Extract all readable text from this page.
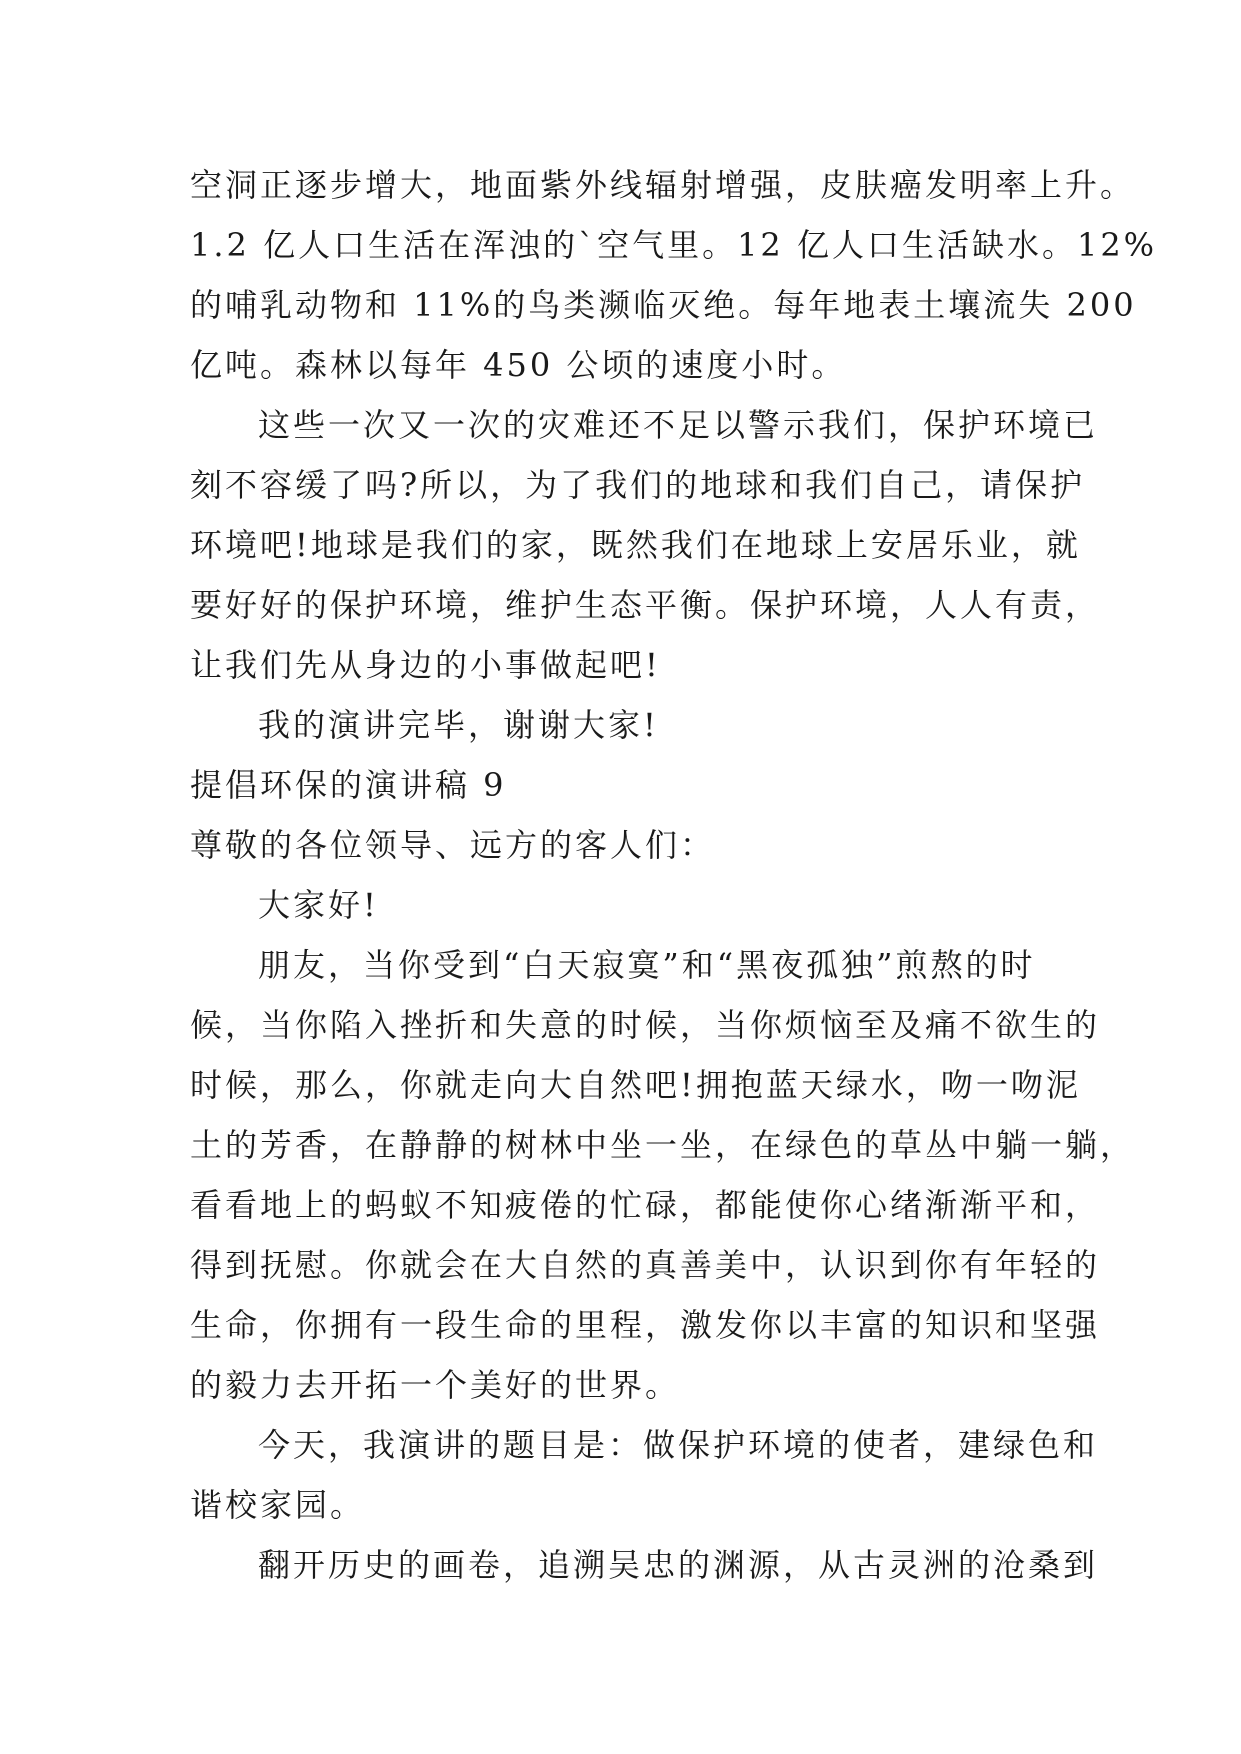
空洞正逐步增大，地面紫外线辐射增强，皮肤癌发明率上升。
1.2 亿人口生活在浑浊的`空气里。12 亿人口生活缺水。12%
的哺乳动物和 11%的鸟类濒临灭绝。每年地表土壤流失 200
亿吨。森林以每年 450 公顷的速度小时。
这些一次又一次的灾难还不足以警示我们，保护环境已
刻不容缓了吗?所以，为了我们的地球和我们自己，请保护
环境吧!地球是我们的家，既然我们在地球上安居乐业，就
要好好的保护环境，维护生态平衡。保护环境，人人有责，
让我们先从身边的小事做起吧!
我的演讲完毕，谢谢大家!
提倡环保的演讲稿 9
尊敬的各位领导、远方的客人们：
大家好!
朋友，当你受到“白天寂寞”和“黑夜孤独”煎熬的时
候，当你陷入挫折和失意的时候，当你烦恼至及痛不欲生的
时候，那么，你就走向大自然吧!拥抱蓝天绿水，吻一吻泥
土的芳香，在静静的树林中坐一坐，在绿色的草丛中躺一躺，
看看地上的蚂蚁不知疲倦的忙碌，都能使你心绪渐渐平和，
得到抚慰。你就会在大自然的真善美中，认识到你有年轻的
生命，你拥有一段生命的里程，激发你以丰富的知识和坚强
的毅力去开拓一个美好的世界。
今天，我演讲的题目是：做保护环境的使者，建绿色和
谐校家园。
翻开历史的画卷，追溯吴忠的渊源，从古灵洲的沧桑到
